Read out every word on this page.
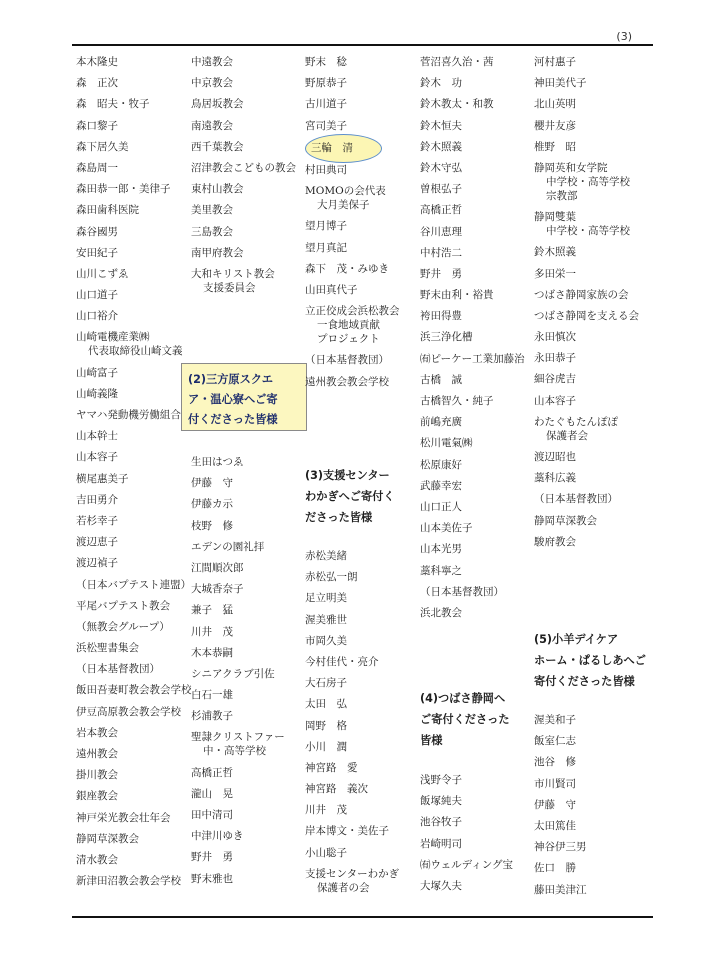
(3)
本木隆史
森　正次
森　昭夫・牧子
森口黎子
森下居久美
森島周一
森田恭一郎・美律子
森田歯科医院
森谷國男
安田紀子
山川こずゑ
山口道子
山口裕介
山崎電機産業㈱
代表取締役山崎文義
山崎富子
山崎義隆
ヤマハ発動機労働組合
山本幹士
山本容子
横尾惠美子
吉田勇介
若杉幸子
渡辺恵子
渡辺禎子
（日本バプテスト連盟）
平尾バプテスト教会
（無教会グループ）
浜松聖書集会
（日本基督教団）
飯田吾妻町教会教会学校
伊豆高原教会教会学校
岩本教会
遠州教会
掛川教会
銀座教会
神戸栄光教会壮年会
静岡草深教会
清水教会
新津田沼教会教会学校
中遠教会
中京教会
鳥居坂教会
南遠教会
西千葉教会
沼津教会こどもの教会
東村山教会
美里教会
三島教会
南甲府教会
大和キリスト教会
支援委員会
(2)三方原スクエ
ア・温心寮へご寄
付くださった皆様
生田はつゑ
伊藤　守
伊藤カ示
枝野　修
エデンの園礼拝
江間順次郎
大城香奈子
兼子　猛
川井　茂
木本恭嗣
シニアクラブ引佐
白石一雄
杉浦教子
聖隷クリストファー
中・高等学校
高橋正哲
瀧山　晃
田中清司
中津川ゆき
野井　勇
野末雅也
野末　稔
野原恭子
古川道子
宮司美子
三輪　清
村田典司
MOMOの会代表
大月美保子
望月博子
望月真記
森下　茂・みゆき
山田真代子
立正佼成会浜松教会
一食地域貢献
プロジェクト
（日本基督教団）
遠州教会教会学校
(3)支援センター
わかぎへご寄付く
ださった皆様
赤松美緒
赤松弘一朗
足立明美
渥美雅世
市岡久美
今村佳代・亮介
大石房子
太田　弘
岡野　格
小川　潤
神宮路　愛
神宮路　義次
川井　茂
岸本博文・美佐子
小山聡子
支援センターわかぎ
保護者の会
菅沼喜久治・茜
鈴木　功
鈴木教太・和教
鈴木恒夫
鈴木照義
鈴木守弘
曽根弘子
高橋正哲
谷川恵理
中村浩二
野井　勇
野末由利・裕貴
袴田得豊
浜三浄化槽
㈲ピーケー工業加藤治
古橋　誠
古橋智久・純子
前嶋充廣
松川電氣㈱
松原康好
武藤幸宏
山口正人
山本美佐子
山本光男
藁科寧之
（日本基督教団）
浜北教会
(4)つばさ静岡へ
ご寄付くださった
皆様
浅野令子
飯塚純夫
池谷牧子
岩崎明司
㈲ウェルディング宝
大塚久夫
河村惠子
神田美代子
北山英明
櫻井友彦
椎野　昭
静岡英和女学院
中学校・高等学校
宗教部
静岡雙葉
中学校・高等学校
鈴木照義
多田栄一
つばさ静岡家族の会
つばさ静岡を支える会
永田慎次
永田恭子
細谷虎吉
山本容子
わたぐもたんぽぽ
保護者会
渡辺昭也
藁科広義
（日本基督教団）
静岡草深教会
駿府教会
(5)小羊デイケア
ホーム・ぱるしあへご
寄付くださった皆様
渥美和子
飯室仁志
池谷　修
市川賢司
伊藤　守
太田篤佳
神谷伊三男
佐口　勝
藤田美津江
